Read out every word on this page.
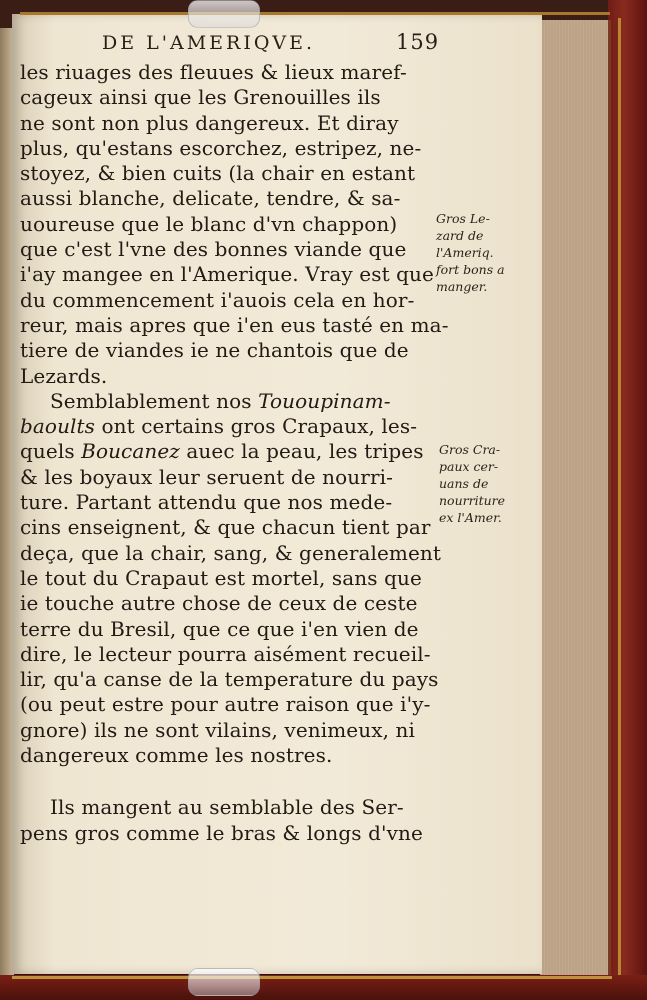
DE L'AMERIQVE.	159
les riuages des fleuues & lieux maref-
cageux ainsi que les Grenouilles ils
ne sont non plus dangereux. Et diray
plus, qu'estans escorchez, estripez, ne-
stoyez, & bien cuits (la chair en estant
aussi blanche, delicate, tendre, & sa-
uoureuse que le blanc d'vn chappon)
que c'est l'vne des bonnes viande que
i'ay mangee en l'Amerique. Vray est que
du commencement i'auois cela en hor-
reur, mais apres que i'en eus tasté en ma-
tiere de viandes ie ne chantois que de
Lezards.
Semblablement nos Tououpinam-
baoults ont certains gros Crapaux, les-
quels Boucanez auec la peau, les tripes
& les boyaux leur seruent de nourri-
ture. Partant attendu que nos mede-
cins enseignent, & que chacun tient par
deça, que la chair, sang, & generalement
le tout du Crapaut est mortel, sans que
ie touche autre chose de ceux de ceste
terre du Bresil, que ce que i'en vien de
dire, le lecteur pourra aisément recueil-
lir, qu'a canse de la temperature du pays
(ou peut estre pour autre raison que i'y-
gnore) ils ne sont vilains, venimeux, ni
dangereux comme les nostres.
Ils mangent au semblable des Ser-
pens gros comme le bras & longs d'vne
Gros Le-
zard de
l'Ameriq.
fort bons a
manger.
Gros Cra-
paux cer-
uans de
nourriture
ex l'Amer.
